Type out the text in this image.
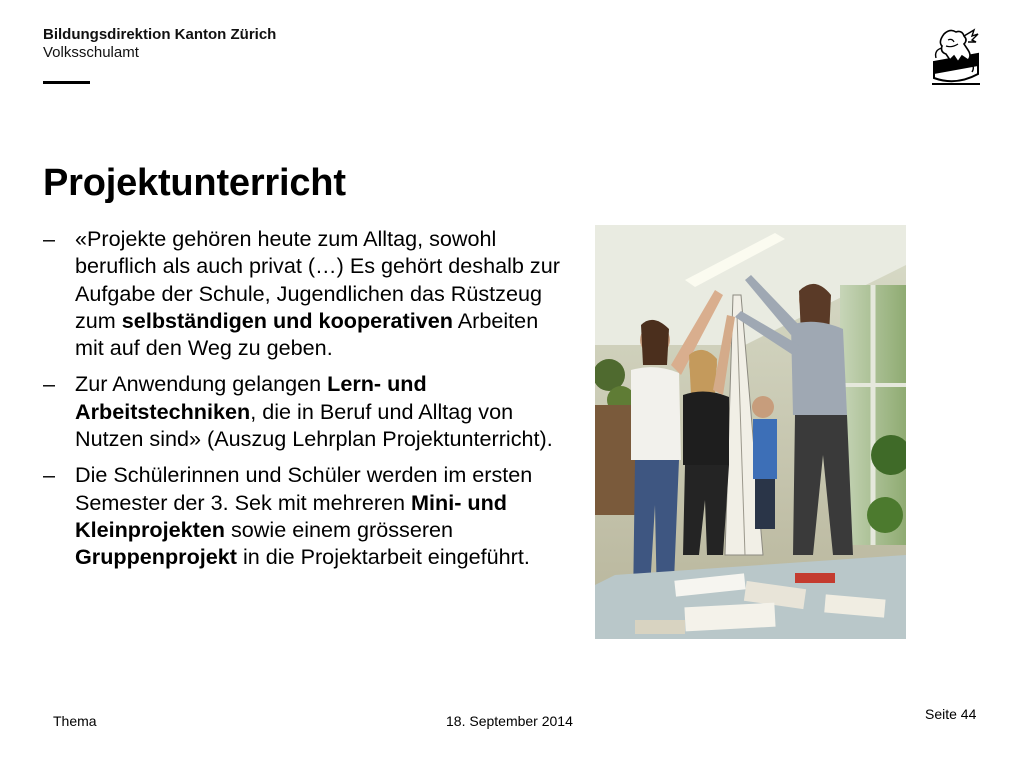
Bildungsdirektion Kanton Zürich
Volksschulamt
Projektunterricht
– «Projekte gehören heute zum Alltag, sowohl beruflich als auch privat (…) Es gehört deshalb zur Aufgabe der Schule, Jugendlichen das Rüstzeug zum selbständigen und kooperativen Arbeiten mit auf den Weg zu geben.
– Zur Anwendung gelangen Lern- und Arbeitstechniken, die in Beruf und Alltag von Nutzen sind» (Auszug Lehrplan Projektunterricht).
– Die Schülerinnen und Schüler werden im ersten Semester der 3. Sek mit mehreren Mini- und Kleinprojekten sowie einem grösseren Gruppenprojekt in die Projektarbeit eingeführt.
Thema	18. September 2014	Seite 44
